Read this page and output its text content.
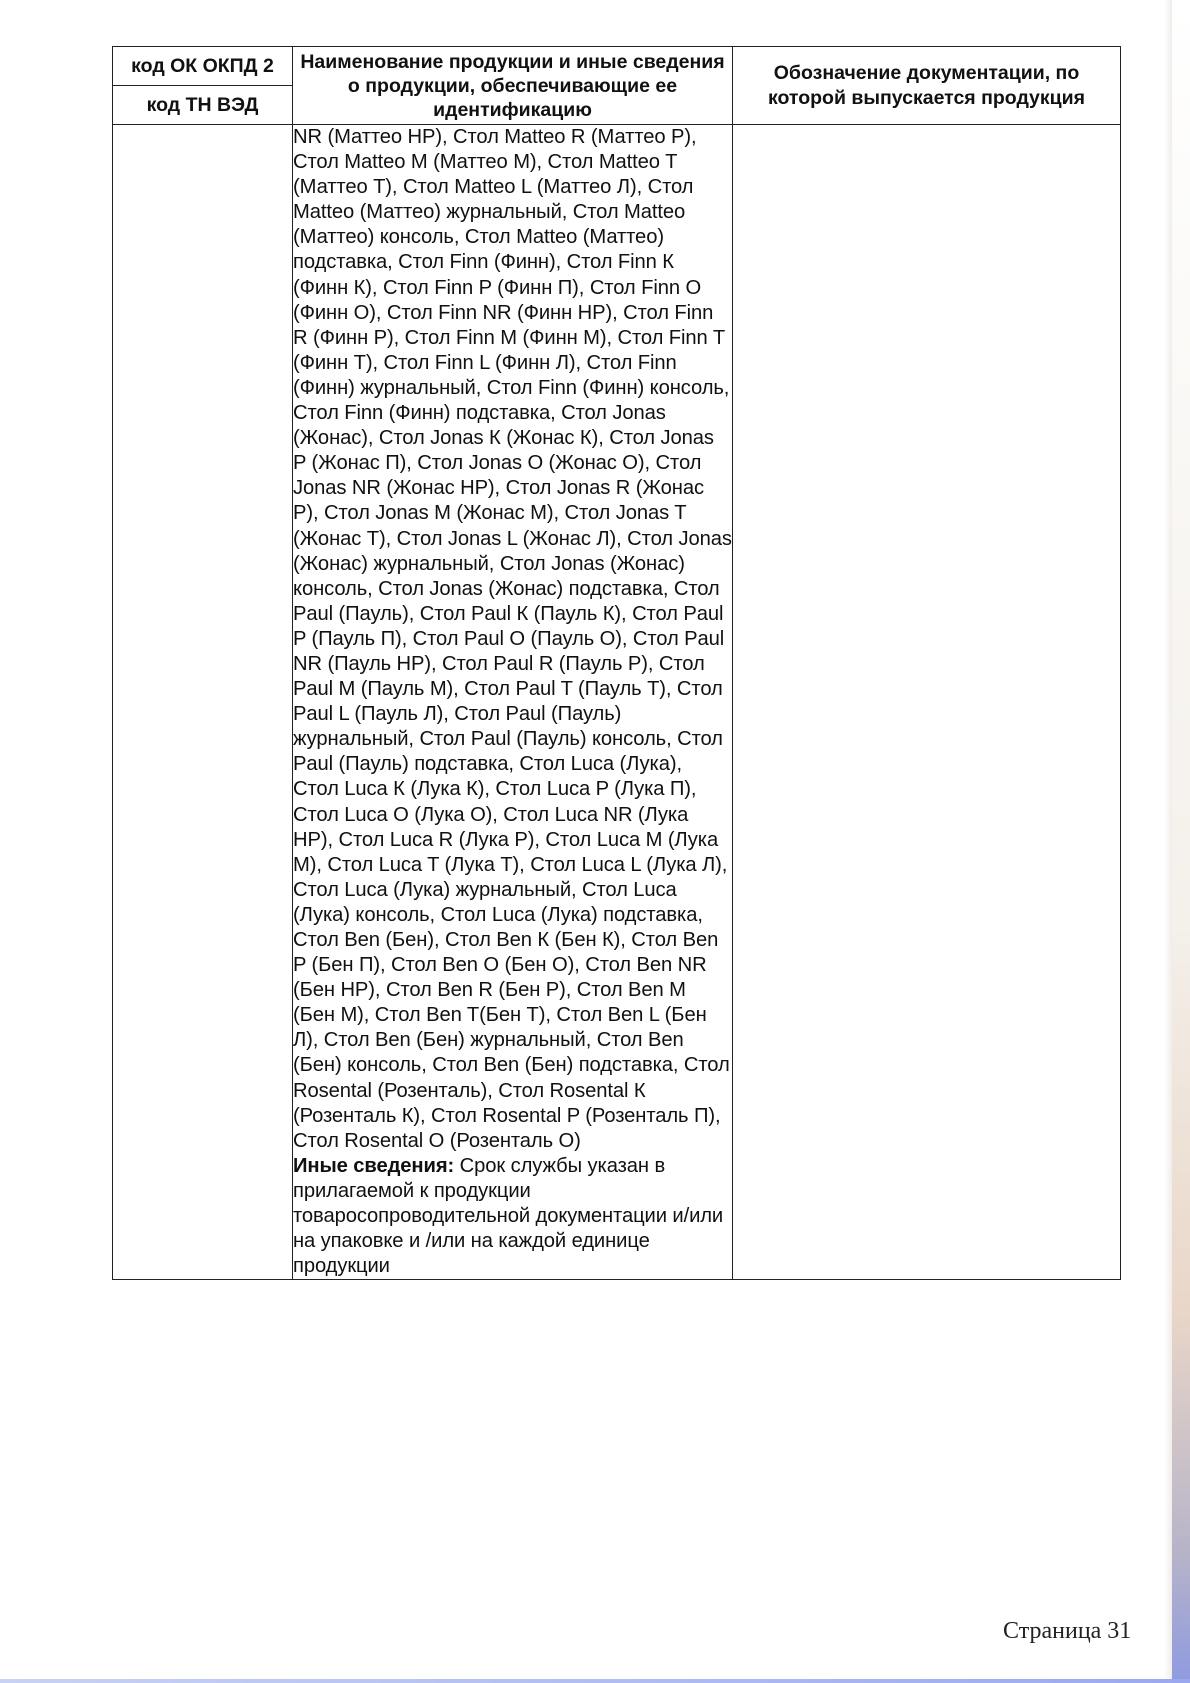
код ОК ОКПД 2	Наименование продукции и иные сведения о продукции, обеспечивающие ее идентификацию	Обозначение документации, по которой выпускается продукция
код ТН ВЭД		
	NR (Маттео НР), Стол Matteo R (Маттео Р), Стол Matteo M (Маттео М), Стол Matteo T (Маттео Т), Стол Matteo L (Маттео Л), Стол Matteo (Маттео) журнальный, Стол Matteo (Маттео) консоль, Стол Matteo (Маттео) подставка, Стол Finn (Финн), Стол Finn К (Финн К), Стол Finn P (Финн П), Стол Finn O (Финн О), Стол Finn NR (Финн НР), Стол Finn R (Финн Р), Стол Finn M (Финн М), Стол Finn T (Финн Т), Стол Finn L (Финн Л), Стол Finn (Финн) журнальный, Стол Finn (Финн) консоль, Стол Finn (Финн) подставка, Стол Jonas (Жонас), Стол Jonas К (Жонас К), Стол Jonas P (Жонас П), Стол Jonas O (Жонас О), Стол Jonas NR (Жонас НР), Стол Jonas R (Жонас Р), Стол Jonas M (Жонас М), Стол Jonas T (Жонас Т), Стол Jonas L (Жонас Л), Стол Jonas (Жонас) журнальный, Стол Jonas (Жонас) консоль, Стол Jonas (Жонас) подставка, Стол Paul (Пауль), Стол Paul К (Пауль К), Стол Paul P (Пауль П), Стол Paul O (Пауль О), Стол Paul NR (Пауль НР), Стол Paul R (Пауль Р), Стол Paul M (Пауль М), Стол Paul T (Пауль Т), Стол Paul L (Пауль Л), Стол Paul (Пауль) журнальный, Стол Paul (Пауль) консоль, Стол Paul (Пауль) подставка, Стол Luca (Лука), Стол Luca К (Лука К), Стол Luca P (Лука П), Стол Luca O (Лука О), Стол Luca NR (Лука НР), Стол Luca R (Лука Р), Стол Luca M (Лука М), Стол Luca T (Лука Т), Стол Luca L (Лука Л), Стол Luca (Лука) журнальный, Стол Luca (Лука) консоль, Стол Luca (Лука) подставка, Стол Ben (Бен), Стол Ben К (Бен К), Стол Ben P (Бен П), Стол Ben O (Бен О), Стол Ben NR (Бен НР), Стол Ben R (Бен Р), Стол Ben M (Бен М), Стол Ben T(Бен Т), Стол Ben L (Бен Л), Стол Ben (Бен) журнальный, Стол Ben (Бен) консоль, Стол Ben (Бен) подставка, Стол Rosental (Розенталь), Стол Rosental К (Розенталь К), Стол Rosental P (Розенталь П), Стол Rosental O (Розенталь О)
Иные сведения: Срок службы указан в прилагаемой к продукции товаросопроводительной документации и/или на упаковке и /или на каждой единице продукции	
Страница 31
